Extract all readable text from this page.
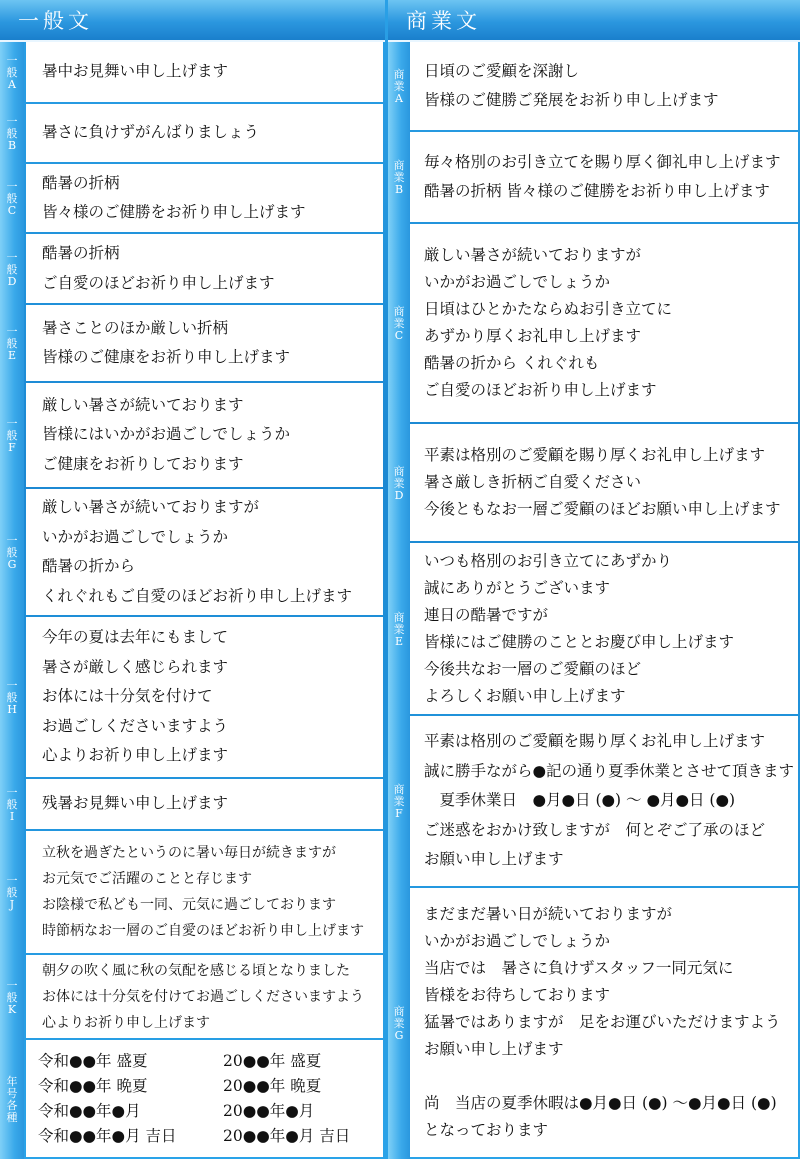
一般文
一
般
A
暑中お見舞い申し上げます
一
般
B
暑さに負けずがんばりましょう
一
般
C
酷暑の折柄
皆々様のご健勝をお祈り申し上げます
一
般
D
酷暑の折柄
ご自愛のほどお祈り申し上げます
一
般
E
暑さことのほか厳しい折柄
皆様のご健康をお祈り申し上げます
一
般
F
厳しい暑さが続いております
皆様にはいかがお過ごしでしょうか
ご健康をお祈りしております
一
般
G
厳しい暑さが続いておりますが
いかがお過ごしでしょうか
酷暑の折から
くれぐれもご自愛のほどお祈り申し上げます
一
般
H
今年の夏は去年にもまして
暑さが厳しく感じられます
お体には十分気を付けて
お過ごしくださいますよう
心よりお祈り申し上げます
一
般
I
残暑お見舞い申し上げます
一
般
J
立秋を過ぎたというのに暑い毎日が続きますが
お元気でご活躍のことと存じます
お陰様で私ども一同、元気に過ごしております
時節柄なお一層のご自愛のほどお祈り申し上げます
一
般
K
朝夕の吹く風に秋の気配を感じる頃となりました
お体には十分気を付けてお過ごしくださいますよう
心よりお祈り申し上げます
年
号
各
種
令和●●年 盛夏	20●●年 盛夏
令和●●年 晩夏	20●●年 晩夏
令和●●年●月	20●●年●月
令和●●年●月 吉日	20●●年●月 吉日
商業文
商
業
A
日頃のご愛顧を深謝し
皆様のご健勝ご発展をお祈り申し上げます
商
業
B
毎々格別のお引き立てを賜り厚く御礼申し上げます
酷暑の折柄 皆々様のご健勝をお祈り申し上げます
商
業
C
厳しい暑さが続いておりますが
いかがお過ごしでしょうか
日頃はひとかたならぬお引き立てに
あずかり厚くお礼申し上げます
酷暑の折から くれぐれも
ご自愛のほどお祈り申し上げます
商
業
D
平素は格別のご愛顧を賜り厚くお礼申し上げます
暑さ厳しき折柄ご自愛ください
今後ともなお一層ご愛顧のほどお願い申し上げます
商
業
E
いつも格別のお引き立てにあずかり
誠にありがとうございます
連日の酷暑ですが
皆様にはご健勝のこととお慶び申し上げます
今後共なお一層のご愛顧のほど
よろしくお願い申し上げます
商
業
F
平素は格別のご愛顧を賜り厚くお礼申し上げます
誠に勝手ながら●記の通り夏季休業とさせて頂きます
　夏季休業日　●月●日 (●) 〜 ●月●日 (●)
ご迷惑をおかけ致しますが　何とぞご了承のほど
お願い申し上げます
商
業
G
まだまだ暑い日が続いておりますが
いかがお過ごしでしょうか
当店では　暑さに負けずスタッフ一同元気に
皆様をお待ちしております
猛暑ではありますが　足をお運びいただけますよう
お願い申し上げます
尚　当店の夏季休暇は●月●日 (●) 〜●月●日 (●)
となっております
